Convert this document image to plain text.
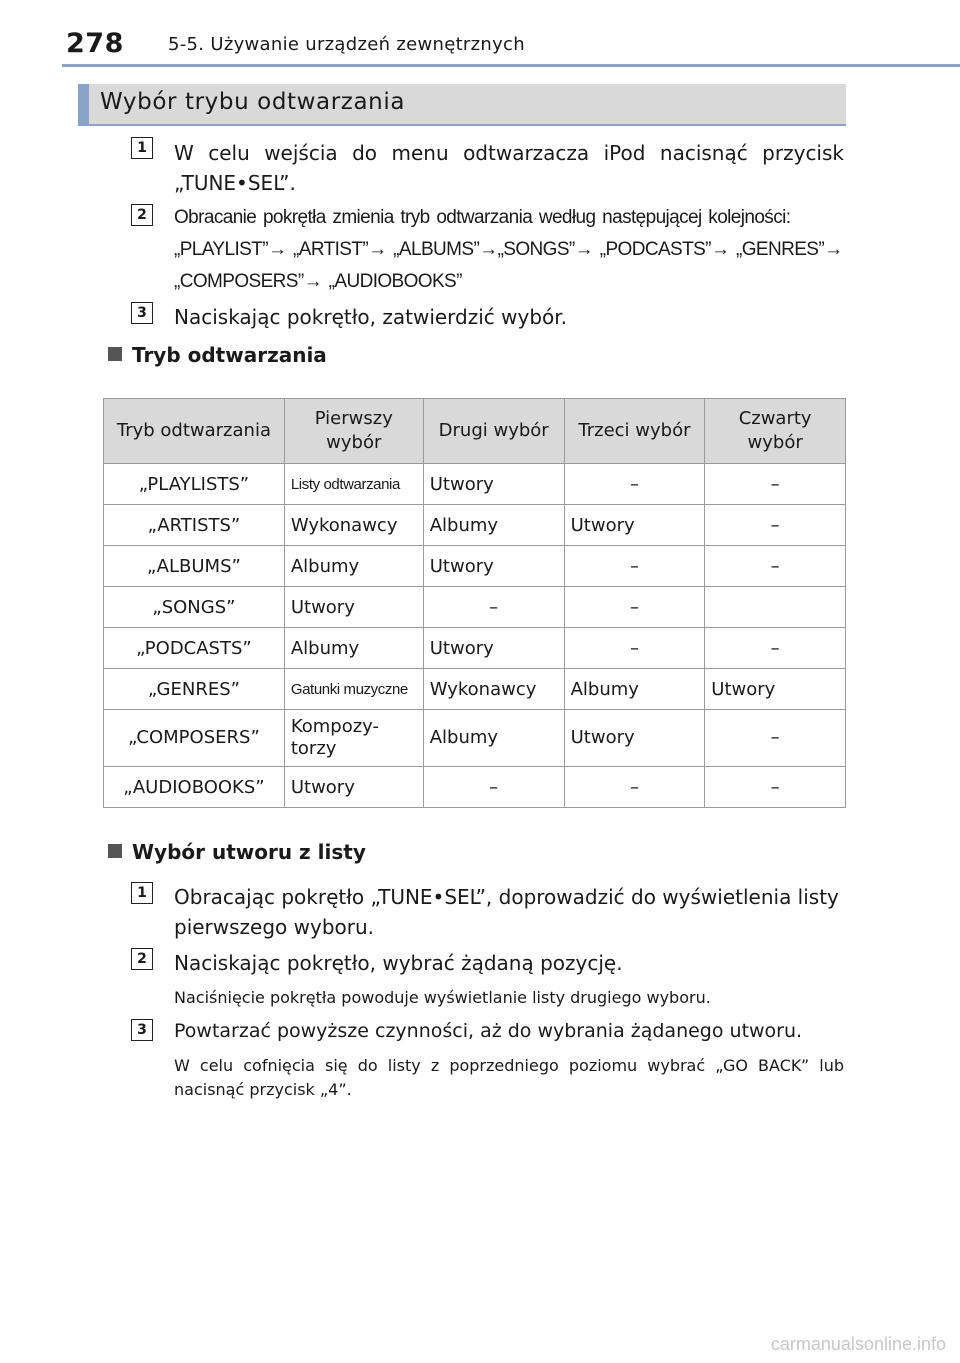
278 5-5. Używanie urządzeń zewnętrznych
Wybór trybu odtwarzania
1	W celu wejścia do menu odtwarzacza iPod nacisnąć przycisk „TUNE•SEL”.
2	Obracanie pokrętła zmienia tryb odtwarzania według następującej kolejności: „PLAYLIST”→ „ARTIST”→ „ALBUMS”→„SONGS”→ „PODCASTS”→ „GENRES”→ „COMPOSERS”→ „AUDIOBOOKS”
3	Naciskając pokrętło, zatwierdzić wybór.
Tryb odtwarzania
Tryb odtwarzania	Pierwszy wybór	Drugi wybór	Trzeci wybór	Czwarty wybór
„PLAYLISTS”	Listy odtwarzania	Utwory	–	–
„ARTISTS”	Wykonawcy	Albumy	Utwory	–
„ALBUMS”	Albumy	Utwory	–	–
„SONGS”	Utwory	–	–	
„PODCASTS”	Albumy	Utwory	–	–
„GENRES”	Gatunki muzyczne	Wykonawcy	Albumy	Utwory
„COMPOSERS”	Kompozy- torzy	Albumy	Utwory	–
„AUDIOBOOKS”	Utwory	–	–	–
Wybór utworu z listy
1	Obracając pokrętło „TUNE•SEL”, doprowadzić do wyświetlenia listy pierwszego wyboru.
2	Naciskając pokrętło, wybrać żądaną pozycję.
Naciśnięcie pokrętła powoduje wyświetlanie listy drugiego wyboru.
3	Powtarzać powyższe czynności, aż do wybrania żądanego utworu.
W celu cofnięcia się do listy z poprzedniego poziomu wybrać „GO BACK” lub nacisnąć przycisk „4”.
carmanualsonline.info
